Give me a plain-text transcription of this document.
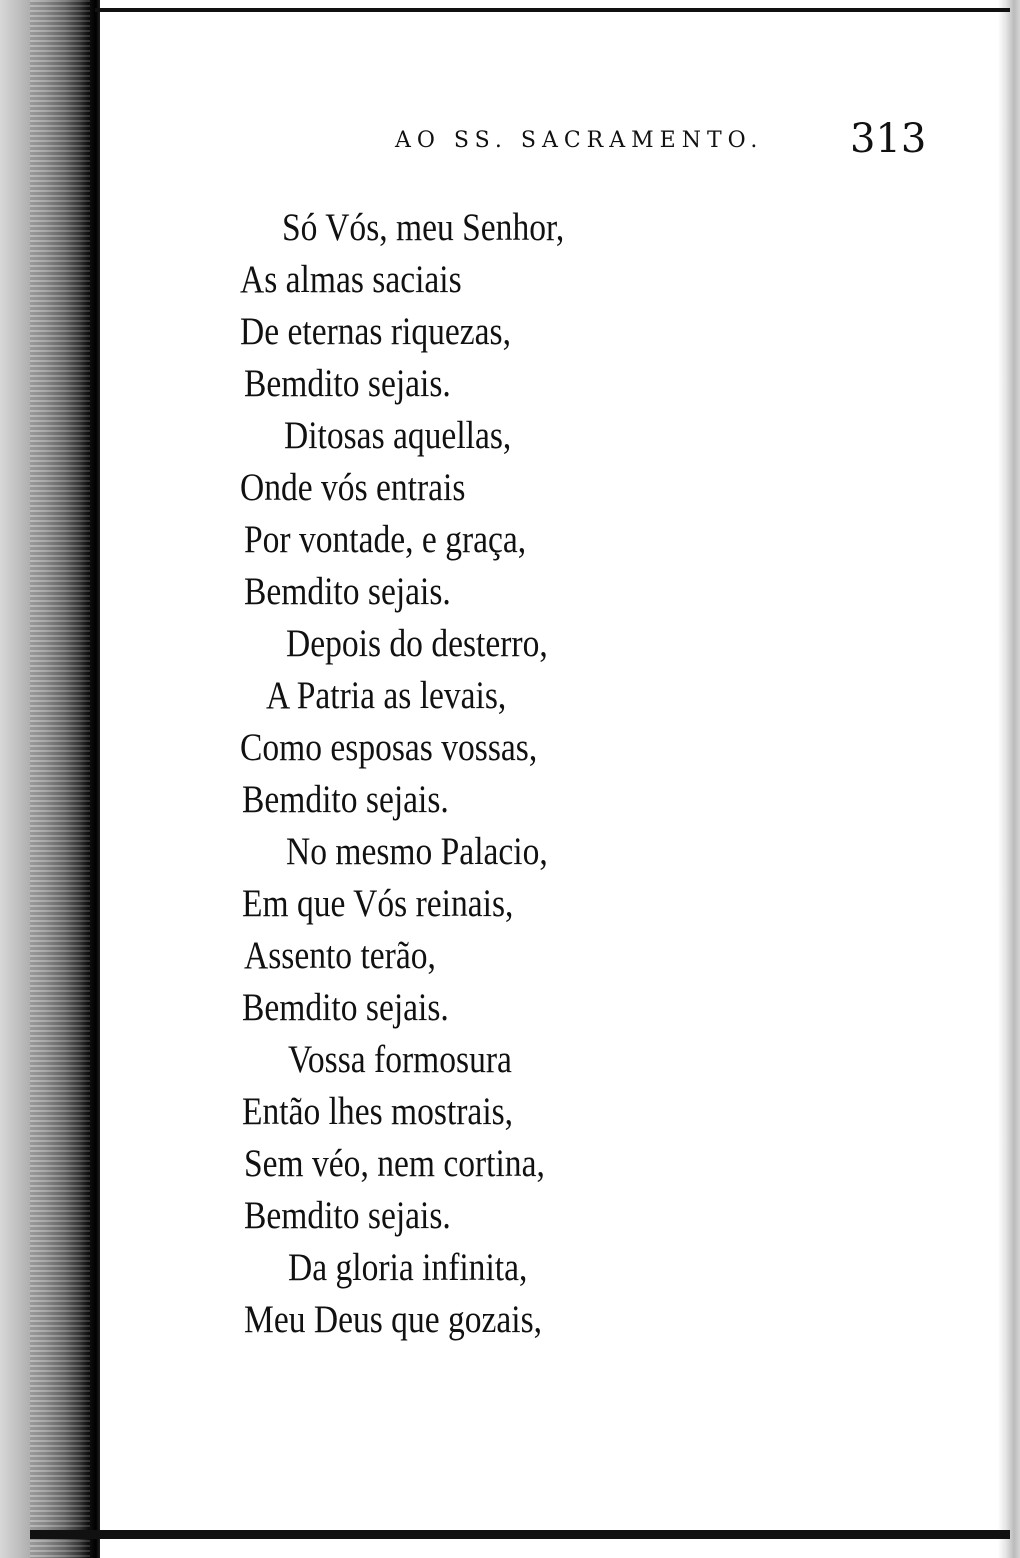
AO SS. SACRAMENTO. 313
Só Vós, meu Senhor,
As almas saciais
De eternas riquezas,
Bemdito sejais.
Ditosas aquellas,
Onde vós entrais
Por vontade, e graça,
Bemdito sejais.
Depois do desterro,
A Patria as levais,
Como esposas vossas,
Bemdito sejais.
No mesmo Palacio,
Em que Vós reinais,
Assento terão,
Bemdito sejais.
Vossa formosura
Então lhes mostrais,
Sem véo, nem cortina,
Bemdito sejais.
Da gloria infinita,
Meu Deus que gozais,
